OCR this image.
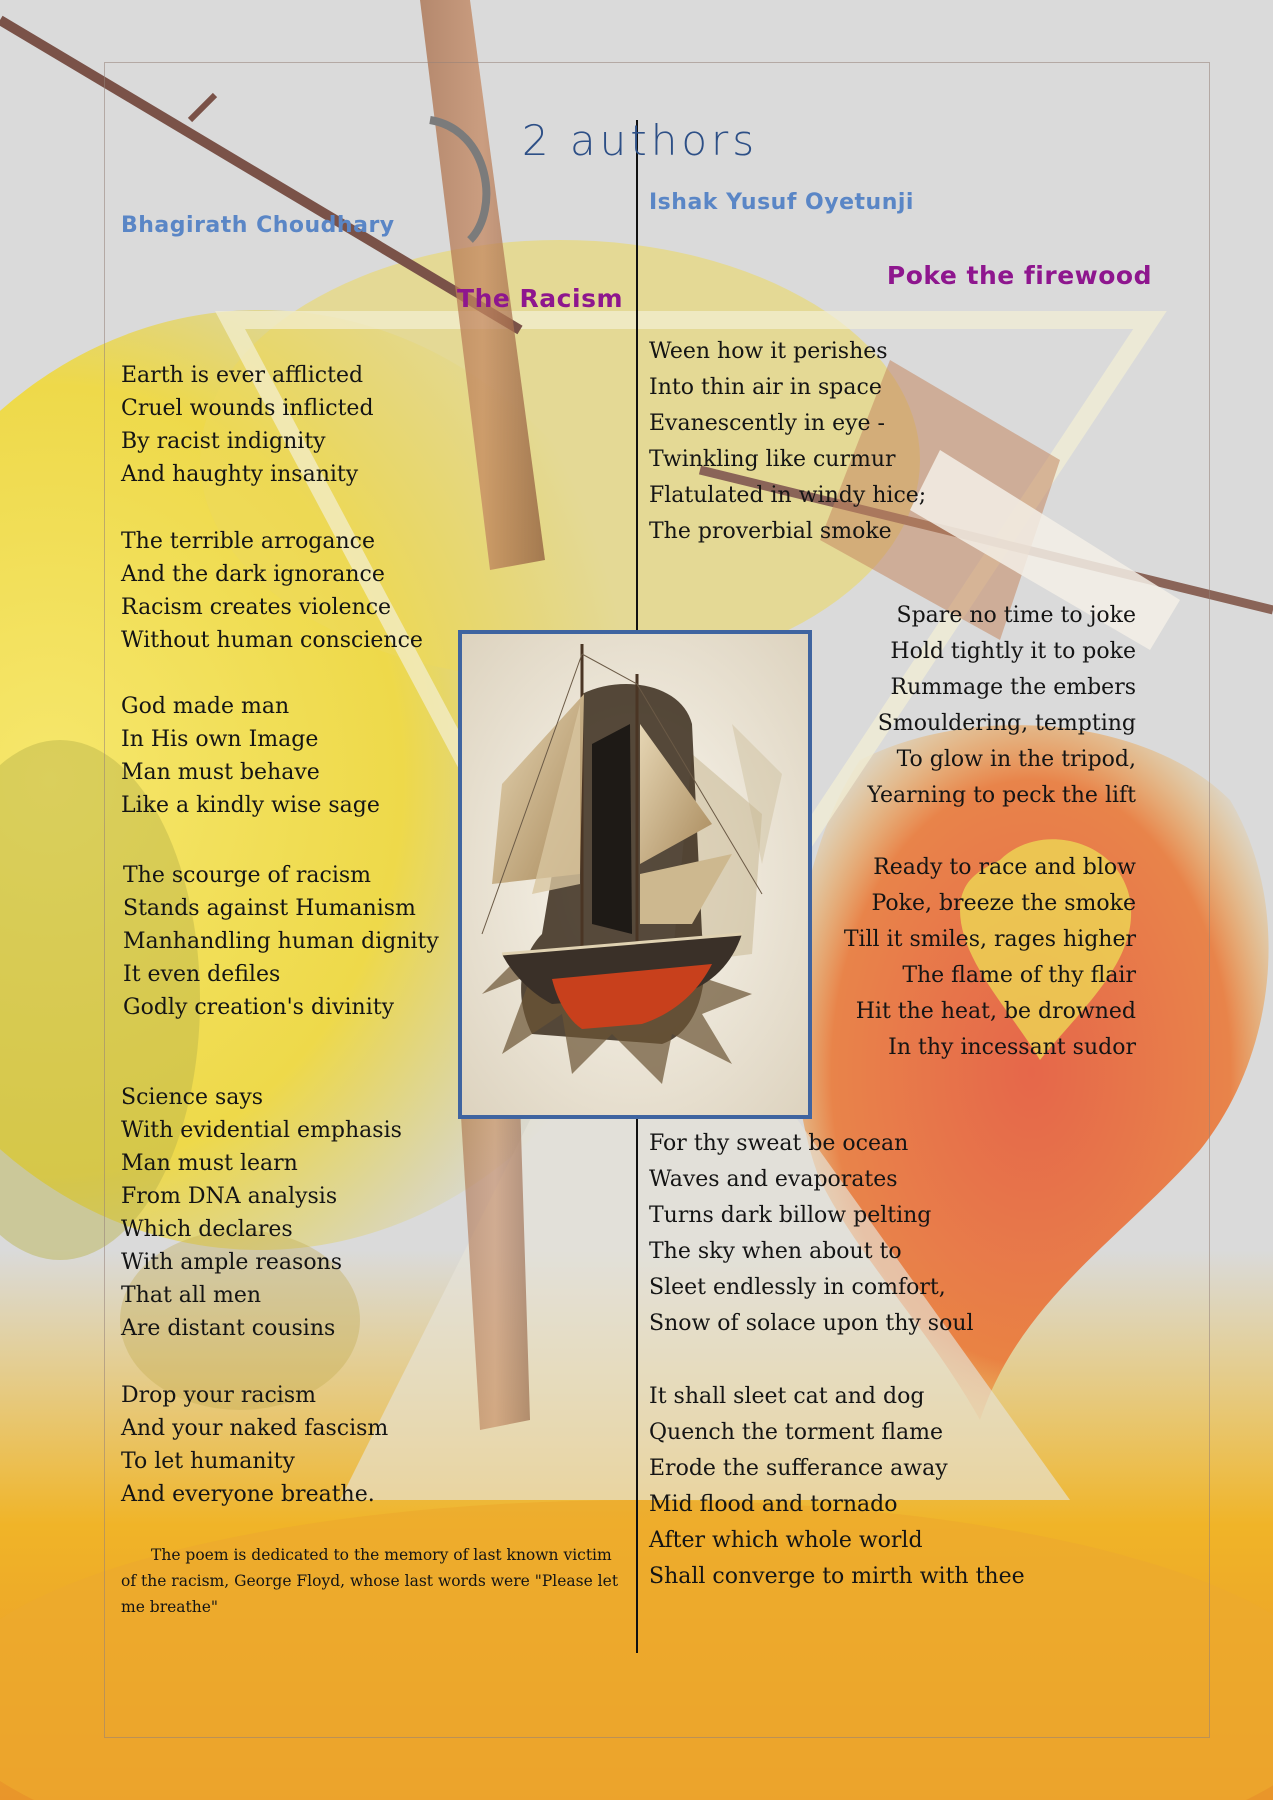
2 authors
Bhagirath Choudhary
Ishak Yusuf Oyetunji
The Racism
Poke the firewood

Earth is ever afflicted
Cruel wounds inflicted
By racist indignity
And haughty insanity

The terrible arrogance
And the dark ignorance
Racism creates violence
Without human conscience

God made man
In His own Image
Man must behave
Like a kindly wise sage

The scourge of racism
Stands against Humanism
Manhandling human dignity
It even defiles
Godly creation's divinity

Science says
With evidential emphasis
Man must learn
From DNA analysis
Which declares
With ample reasons
That all men
Are distant cousins

Drop your racism
And your naked fascism
To let humanity
And everyone breathe.

The poem is dedicated to the memory of last known victim of the racism, George Floyd, whose last words were "Please let me breathe"

Ween how it perishes
Into thin air in space
Evanescently in eye -
Twinkling like curmur
Flatulated in windy hice;
The proverbial smoke

Spare no time to joke
Hold tightly it to poke
Rummage the embers
Smouldering, tempting
To glow in the tripod,
Yearning to peck the lift

Ready to race and blow
Poke, breeze the smoke
Till it smiles, rages higher
The flame of thy flair
Hit the heat, be drowned
In thy incessant sudor

For thy sweat be ocean
Waves and evaporates
Turns dark billow pelting
The sky when about to
Sleet endlessly in comfort,
Snow of solace upon thy soul

It shall sleet cat and dog
Quench the torment flame
Erode the sufferance away
Mid flood and tornado
After which whole world
Shall converge to mirth with thee
